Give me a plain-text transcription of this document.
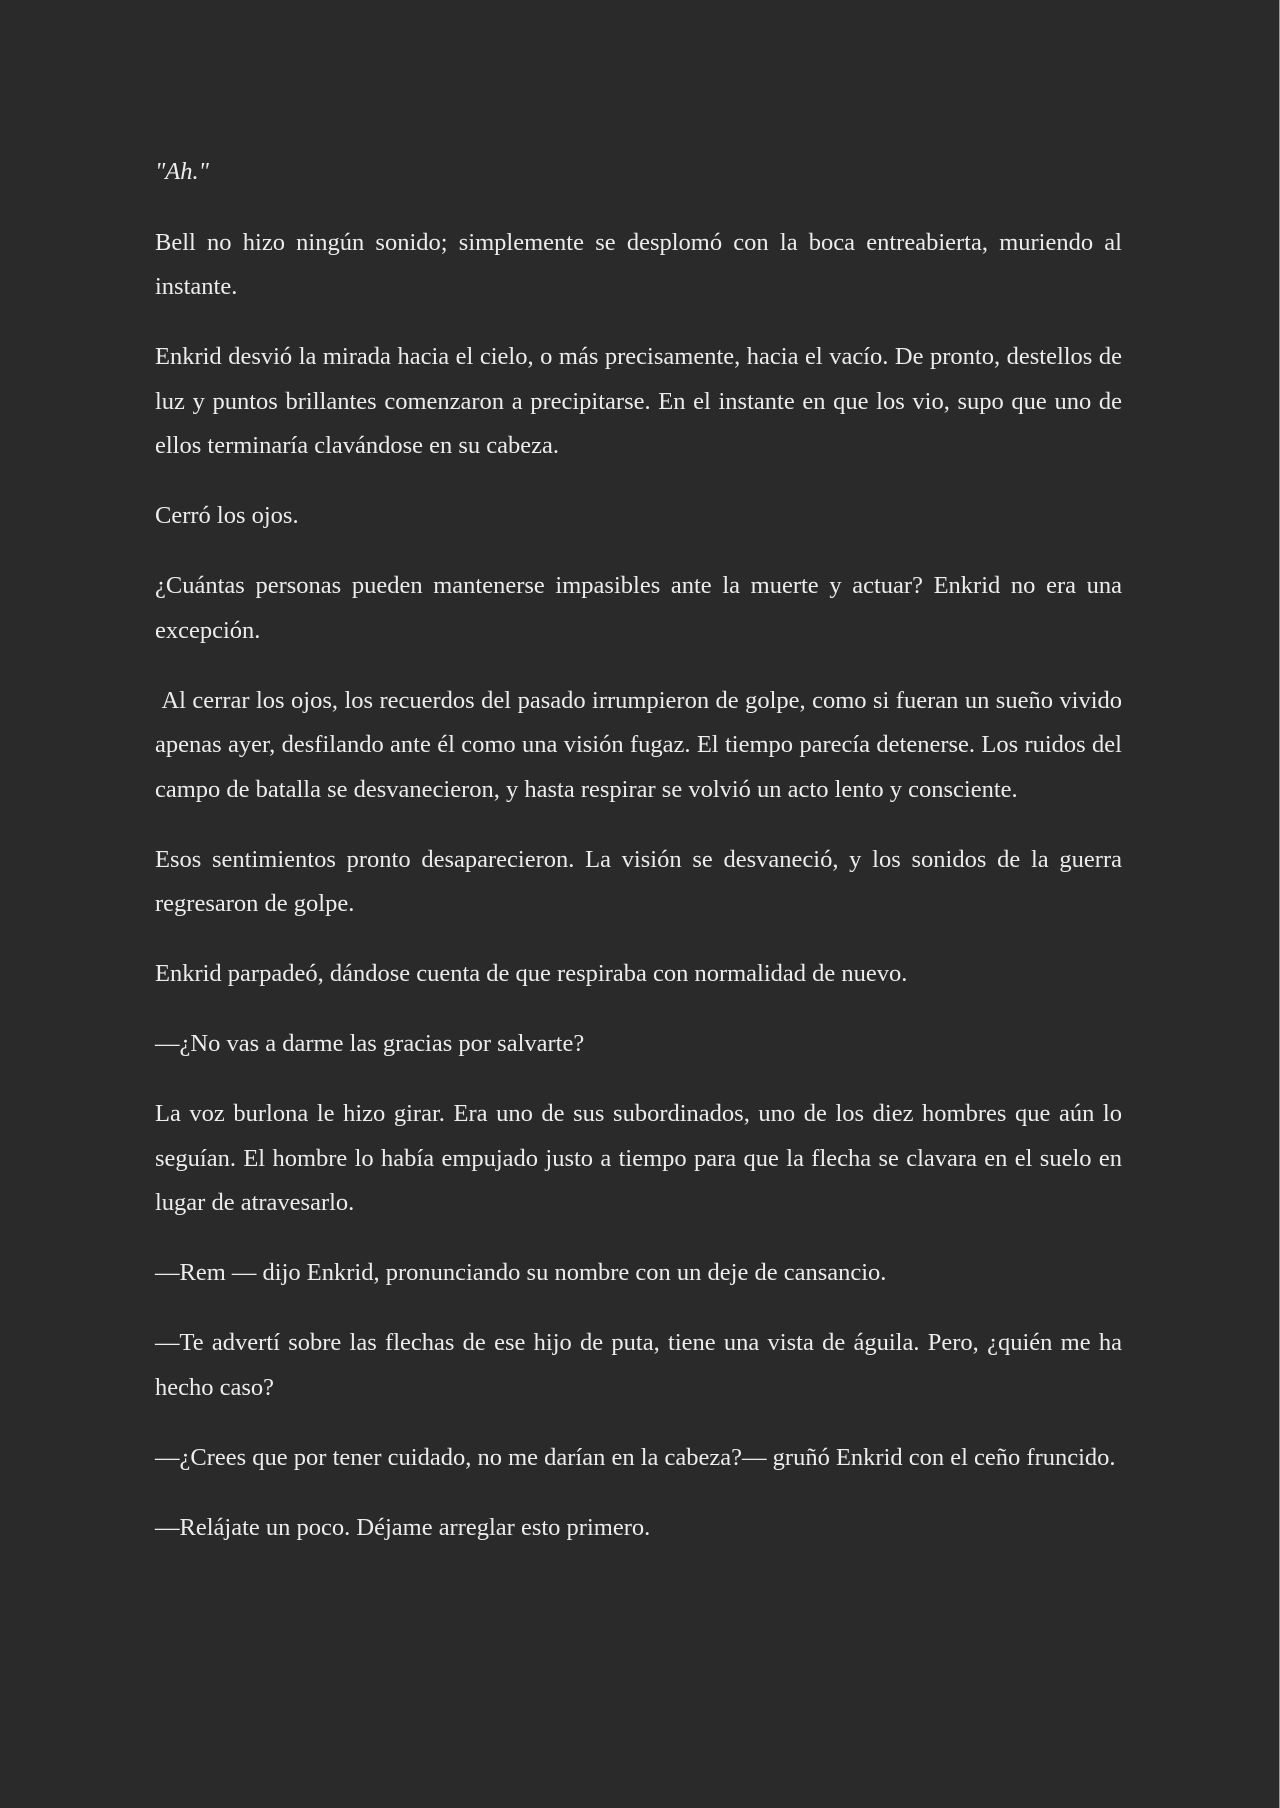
"Ah."

Bell no hizo ningún sonido; simplemente se desplomó con la boca entreabierta, muriendo al instante.

Enkrid desvió la mirada hacia el cielo, o más precisamente, hacia el vacío. De pronto, destellos de luz y puntos brillantes comenzaron a precipitarse. En el instante en que los vio, supo que uno de ellos terminaría clavándose en su cabeza.

Cerró los ojos.

¿Cuántas personas pueden mantenerse impasibles ante la muerte y actuar? Enkrid no era una excepción.

Al cerrar los ojos, los recuerdos del pasado irrumpieron de golpe, como si fueran un sueño vivido apenas ayer, desfilando ante él como una visión fugaz. El tiempo parecía detenerse. Los ruidos del campo de batalla se desvanecieron, y hasta respirar se volvió un acto lento y consciente.

Esos sentimientos pronto desaparecieron. La visión se desvaneció, y los sonidos de la guerra regresaron de golpe.

Enkrid parpadeó, dándose cuenta de que respiraba con normalidad de nuevo.

—¿No vas a darme las gracias por salvarte?

La voz burlona le hizo girar. Era uno de sus subordinados, uno de los diez hombres que aún lo seguían. El hombre lo había empujado justo a tiempo para que la flecha se clavara en el suelo en lugar de atravesarlo.

—Rem — dijo Enkrid, pronunciando su nombre con un deje de cansancio.

—Te advertí sobre las flechas de ese hijo de puta, tiene una vista de águila. Pero, ¿quién me ha hecho caso?

—¿Crees que por tener cuidado, no me darían en la cabeza?— gruñó Enkrid con el ceño fruncido.

—Relájate un poco. Déjame arreglar esto primero.
